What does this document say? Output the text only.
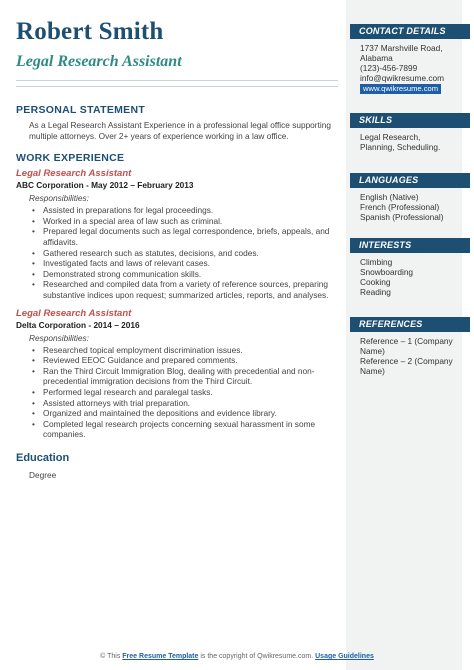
Robert Smith
Legal Research Assistant
PERSONAL STATEMENT
As a Legal Research Assistant Experience in a professional legal office supporting multiple attorneys. Over 2+ years of experience working in a law office.
WORK EXPERIENCE
Legal Research Assistant
ABC Corporation - May 2012 – February 2013
Responsibilities:
• Assisted in preparations for legal proceedings.
• Worked in a special area of law such as criminal.
• Prepared legal documents such as legal correspondence, briefs, appeals, and affidavits.
• Gathered research such as statutes, decisions, and codes.
• Investigated facts and laws of relevant cases.
• Demonstrated strong communication skills.
• Researched and compiled data from a variety of reference sources, preparing substantive indices upon request; summarized articles, reports, and analyses.
Legal Research Assistant
Delta Corporation - 2014 – 2016
Responsibilities:
• Researched topical employment discrimination issues.
• Reviewed EEOC Guidance and prepared comments.
• Ran the Third Circuit Immigration Blog, dealing with precedential and non-precedential immigration decisions from the Third Circuit.
• Performed legal research and paralegal tasks.
• Assisted attorneys with trial preparation.
• Organized and maintained the depositions and evidence library.
• Completed legal research projects concerning sexual harassment in some companies.
Education
Degree
CONTACT DETAILS
1737 Marshville Road,
Alabama
(123)-456-7899
info@qwikresume.com
www.qwikresume.com
SKILLS
Legal Research, Planning, Scheduling.
LANGUAGES
English (Native)
French (Professional)
Spanish (Professional)
INTERESTS
Climbing
Snowboarding
Cooking
Reading
REFERENCES
Reference – 1 (Company Name)
Reference – 2 (Company Name)
© This Free Resume Template is the copyright of Qwikresume.com. Usage Guidelines
